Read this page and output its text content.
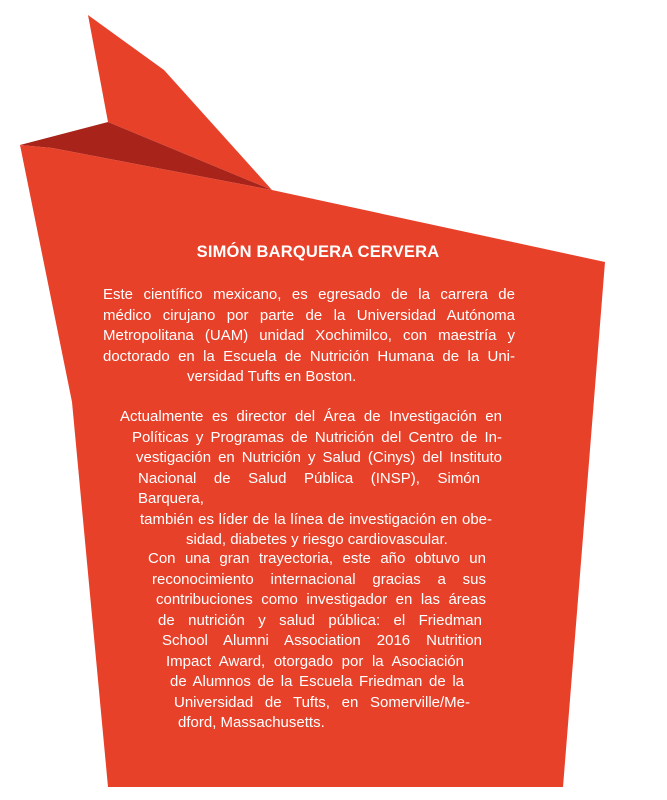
SIMÓN BARQUERA CERVERA

Este científico mexicano, es egresado de la carrera de

médico cirujano por parte de la Universidad Autónoma

Metropolitana (UAM) unidad Xochimilco, con maestría y

doctorado en la Escuela de Nutrición Humana de la Uni-

versidad Tufts en Boston.

Actualmente es director del Área de Investigación en

Políticas y Programas de Nutrición del Centro de In-

vestigación en Nutrición y Salud (Cinys) del Instituto

Nacional de Salud Pública (INSP), Simón Barquera,

también es líder de la línea de investigación en obe-

sidad, diabetes y riesgo cardiovascular.

Con una gran trayectoria, este año obtuvo un

reconocimiento internacional gracias a sus

contribuciones como investigador en las áreas

de nutrición y salud pública: el Friedman

School Alumni Association 2016 Nutrition

Impact Award, otorgado por la Asociación

de Alumnos de la Escuela Friedman de la

Universidad de Tufts, en Somerville/Me-

dford, Massachusetts.
